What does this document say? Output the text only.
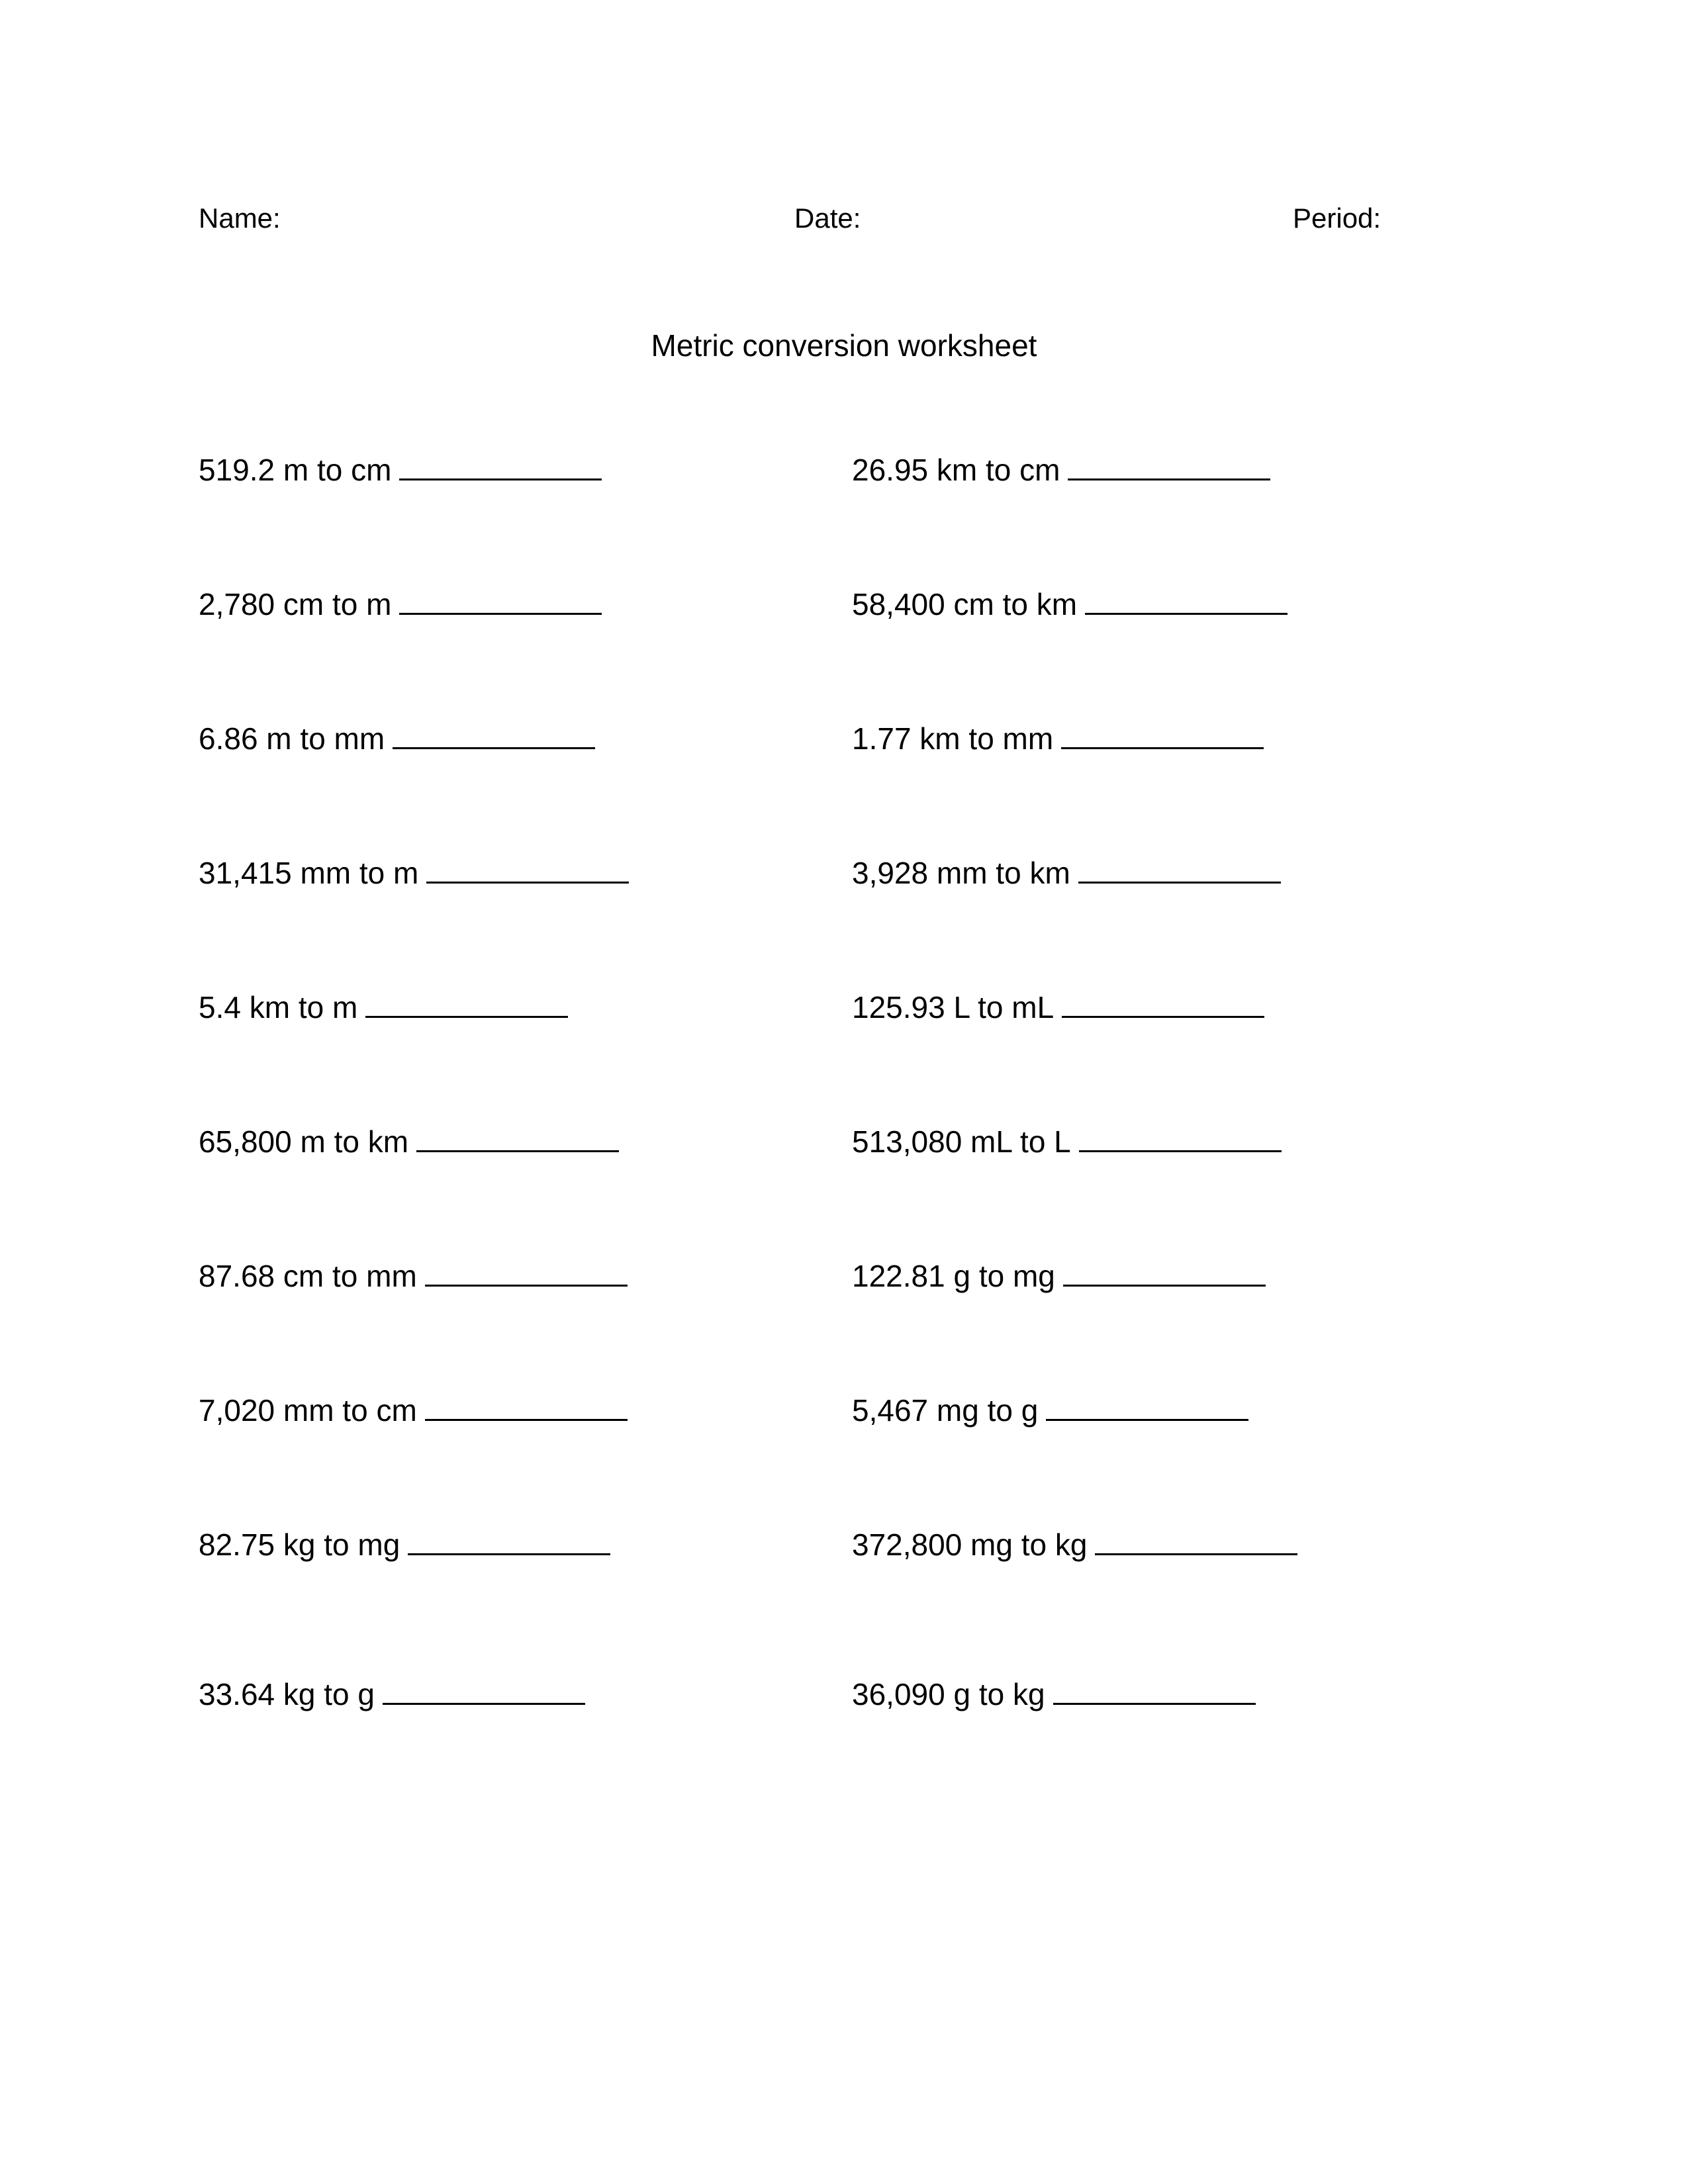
Name:	Date:	Period:
Metric conversion worksheet
519.2 m to cm
2,780 cm to m
6.86 m to mm
31,415 mm to m
5.4 km to m
65,800 m to km
87.68 cm to mm
7,020 mm to cm
82.75 kg to mg
33.64 kg to g
26.95 km to cm
58,400 cm to km
1.77 km to mm
3,928 mm to km
125.93 L to mL
513,080 mL to L
122.81 g to mg
5,467 mg to g
372,800 mg to kg
36,090 g to kg
